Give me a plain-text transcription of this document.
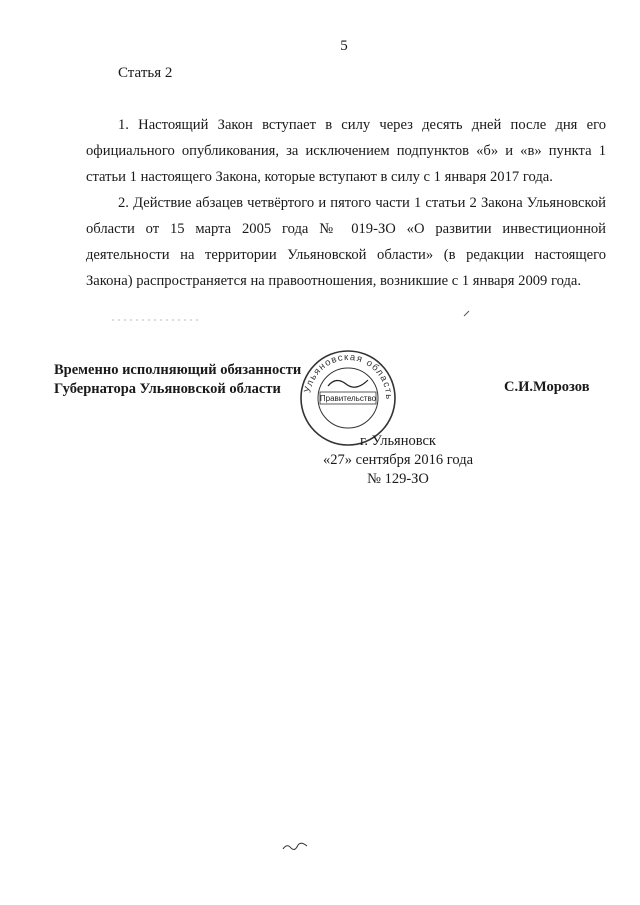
5
Статья 2

1. Настоящий Закон вступает в силу через десять дней после дня его официального опубликования, за исключением подпунктов «б» и «в» пункта 1 статьи 1 настоящего Закона, которые вступают в силу с 1 января 2017 года.

2. Действие абзацев четвёртого и пятого части 1 статьи 2 Закона Ульяновской области от 15 марта 2005 года № 019-ЗО «О развитии инвестиционной деятельности на территории Ульяновской области» (в редакции настоящего Закона) распространяется на правоотношения, возникшие с 1 января 2009 года.

Временно исполняющий обязанности
Губернатора Ульяновской области	С.И.Морозов
Ульяновская область
Правительство
г. Ульяновск
«27» сентября 2016 года
№ 129-ЗО
